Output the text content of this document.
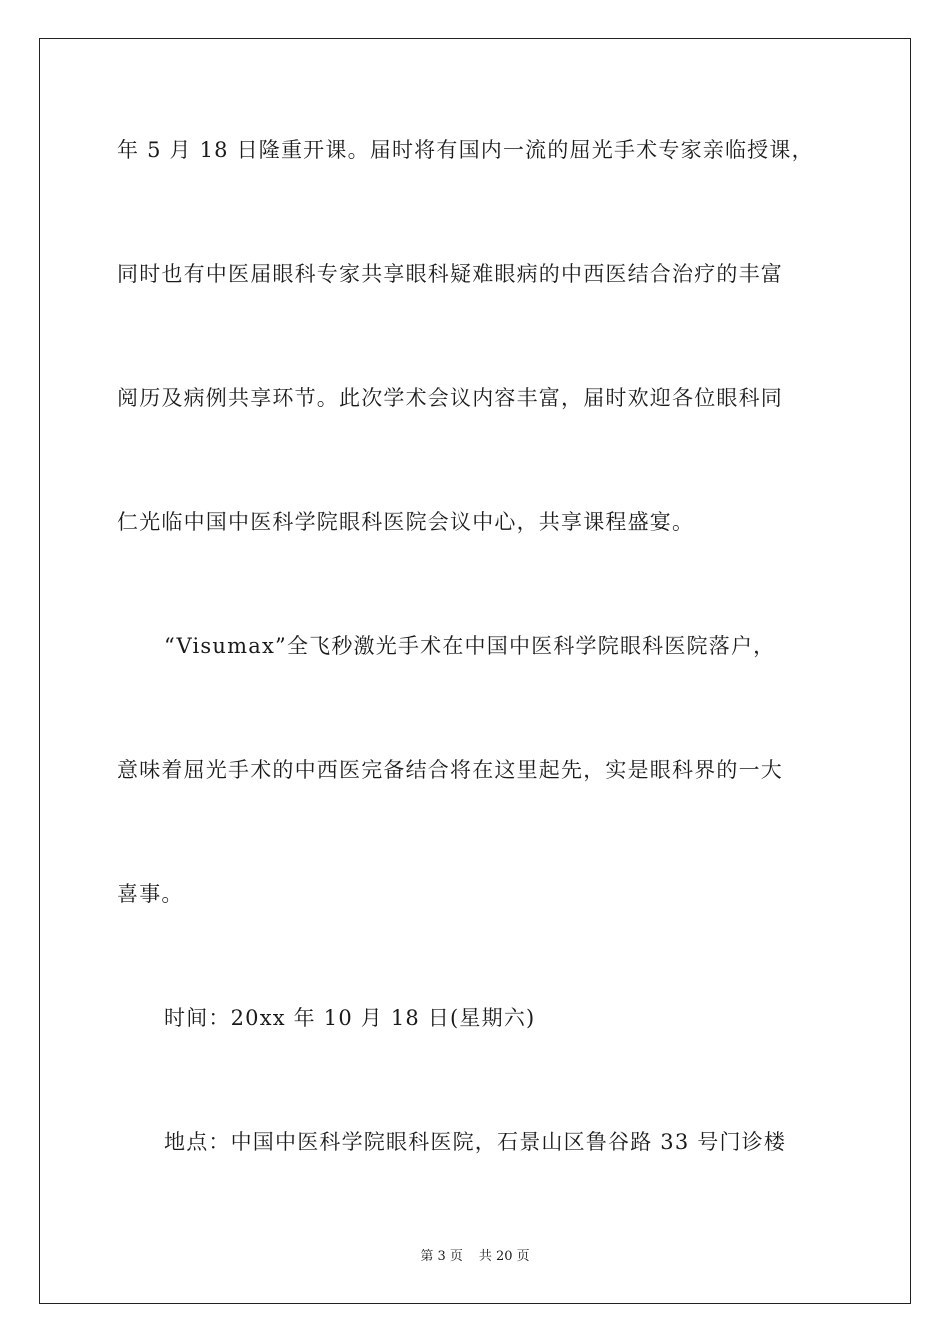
年 5 月 18 日隆重开课。届时将有国内一流的屈光手术专家亲临授课，
同时也有中医届眼科专家共享眼科疑难眼病的中西医结合治疗的丰富
阅历及病例共享环节。此次学术会议内容丰富，届时欢迎各位眼科同
仁光临中国中医科学院眼科医院会议中心，共享课程盛宴。
“Visumax”全飞秒激光手术在中国中医科学院眼科医院落户，
意味着屈光手术的中西医完备结合将在这里起先，实是眼科界的一大
喜事。
时间：20xx 年 10 月 18 日(星期六)
地点：中国中医科学院眼科医院，石景山区鲁谷路 33 号门诊楼
第 3 页 共 20 页
